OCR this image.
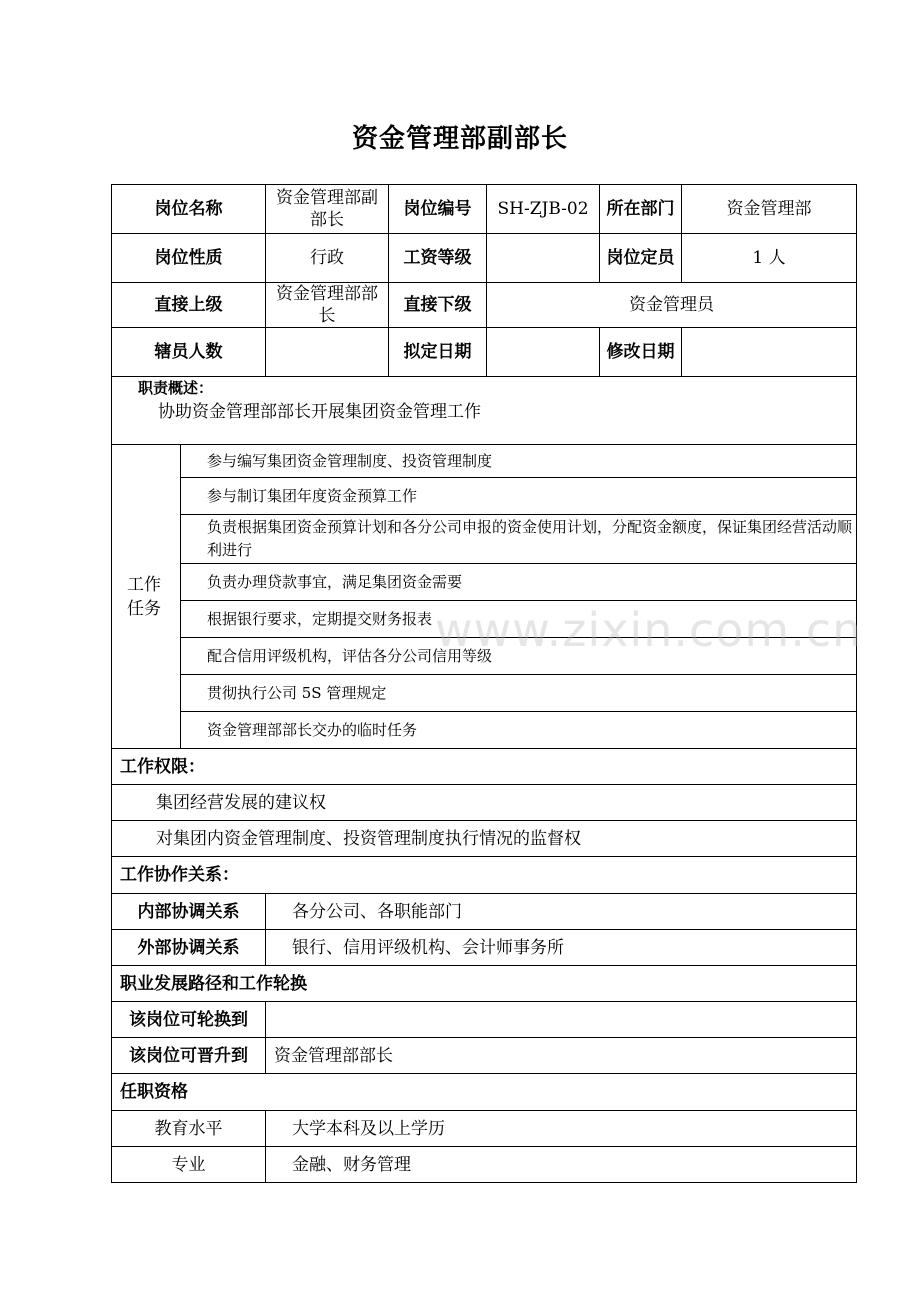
资金管理部副部长
岗位名称		资金管理部副部长	岗位编号	SH-ZJB-02	所在部门	资金管理部
岗位性质		行政	工资等级		岗位定员	1 人
直接上级		资金管理部部长	直接下级	资金管理员		
辖员人数			拟定日期		修改日期	

职责概述：
协助资金管理部部长开展集团资金管理工作						

工作任务	参与编写集团资金管理制度、投资管理制度					
	参与制订集团年度资金预算工作					
	负责根据集团资金预算计划和各分公司申报的资金使用计划，分配资金额度，保证集团经营活动顺利进行					
	负责办理贷款事宜，满足集团资金需要					
	根据银行要求，定期提交财务报表					
	配合信用评级机构，评估各分公司信用等级					
	贯彻执行公司 5S 管理规定					
	资金管理部部长交办的临时任务					
工作权限：						
集团经营发展的建议权						
对集团内资金管理制度、投资管理制度执行情况的监督权						
工作协作关系：						
内部协调关系		各分公司、各职能部门				
外部协调关系		银行、信用评级机构、会计师事务所				
职业发展路径和工作轮换						
该岗位可轮换到						
该岗位可晋升到		资金管理部部长				
任职资格						
教育水平		大学本科及以上学历				
专业		金融、财务管理				
www.zixin.com.cn
